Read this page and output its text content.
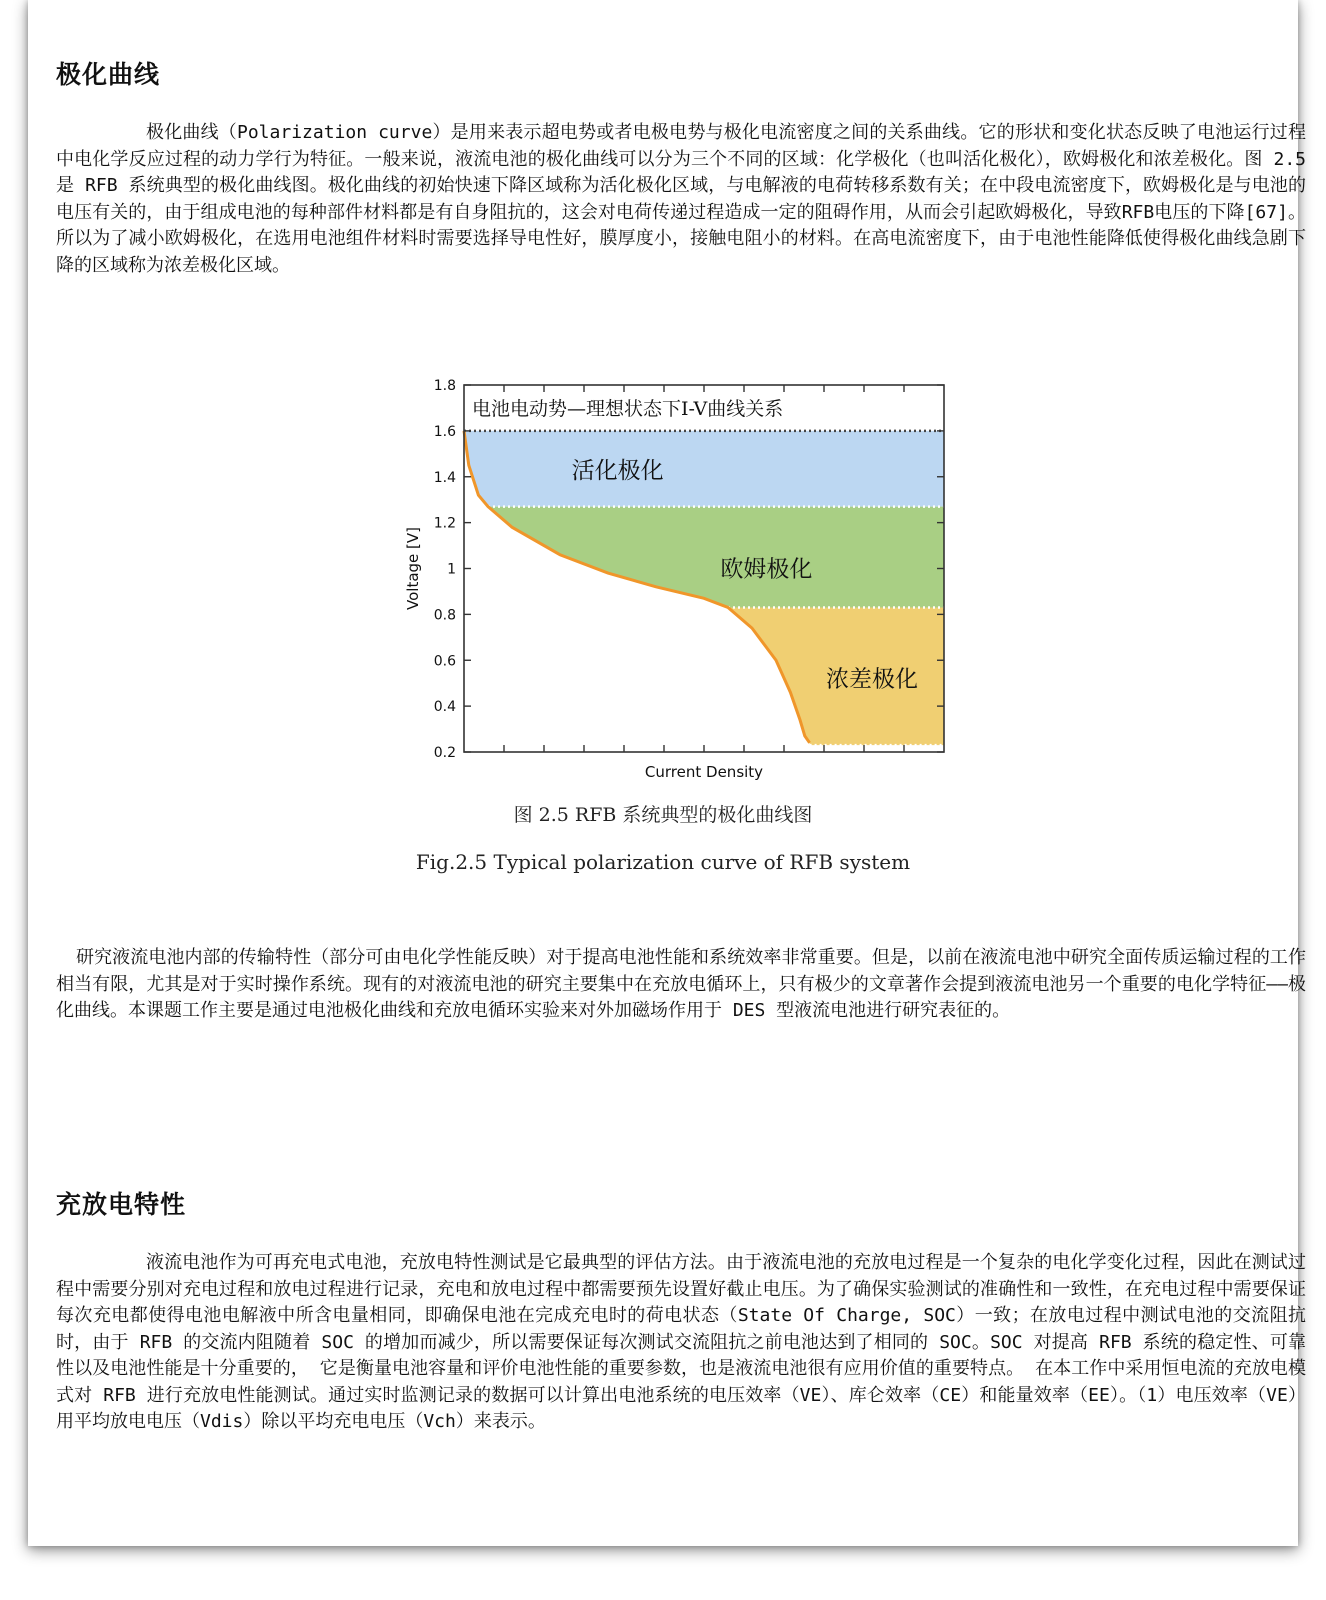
极化曲线

极化曲线（Polarization curve）是用来表示超电势或者电极电势与极化电流密度之间的关系曲线。它的形状和变化状态反映了电池运行过程中电化学反应过程的动力学行为特征。一般来说，液流电池的极化曲线可以分为三个不同的区域：化学极化（也叫活化极化），欧姆极化和浓差极化。图 2.5 是 RFB 系统典型的极化曲线图。极化曲线的初始快速下降区域称为活化极化区域，与电解液的电荷转移系数有关；在中段电流密度下，欧姆极化是与电池的电压有关的，由于组成电池的每种部件材料都是有自身阻抗的，这会对电荷传递过程造成一定的阻碍作用，从而会引起欧姆极化，导致RFB电压的下降[67]。所以为了减小欧姆极化，在选用电池组件材料时需要选择导电性好，膜厚度小，接触电阻小的材料。在高电流密度下，由于电池性能降低使得极化曲线急剧下降的区域称为浓差极化区域。

1.8
1.6
1.4
1.2
1
0.8
0.6
0.4
0.2
活化极化
欧姆极化
浓差极化
电池电动势—理想状态下I-V曲线关系
Current Density
Voltage [V]
图 2.5 RFB 系统典型的极化曲线图
Fig.2.5 Typical polarization curve of RFB system

研究液流电池内部的传输特性（部分可由电化学性能反映）对于提高电池性能和系统效率非常重要。但是，以前在液流电池中研究全面传质运输过程的工作相当有限，尤其是对于实时操作系统。现有的对液流电池的研究主要集中在充放电循环上，只有极少的文章著作会提到液流电池另一个重要的电化学特征——极化曲线。本课题工作主要是通过电池极化曲线和充放电循环实验来对外加磁场作用于 DES 型液流电池进行研究表征的。

充放电特性

液流电池作为可再充电式电池，充放电特性测试是它最典型的评估方法。由于液流电池的充放电过程是一个复杂的电化学变化过程，因此在测试过程中需要分别对充电过程和放电过程进行记录，充电和放电过程中都需要预先设置好截止电压。为了确保实验测试的准确性和一致性，在充电过程中需要保证每次充电都使得电池电解液中所含电量相同，即确保电池在完成充电时的荷电状态（State Of Charge, SOC）一致；在放电过程中测试电池的交流阻抗时，由于 RFB 的交流内阻随着 SOC 的增加而减少，所以需要保证每次测试交流阻抗之前电池达到了相同的 SOC。SOC 对提高 RFB 系统的稳定性、可靠性以及电池性能是十分重要的， 它是衡量电池容量和评价电池性能的重要参数，也是液流电池很有应用价值的重要特点。 在本工作中采用恒电流的充放电模式对 RFB 进行充放电性能测试。通过实时监测记录的数据可以计算出电池系统的电压效率（VE）、库仑效率（CE）和能量效率（EE）。（1）电压效率（VE）用平均放电电压（Vdis）除以平均充电电压（Vch）来表示。
